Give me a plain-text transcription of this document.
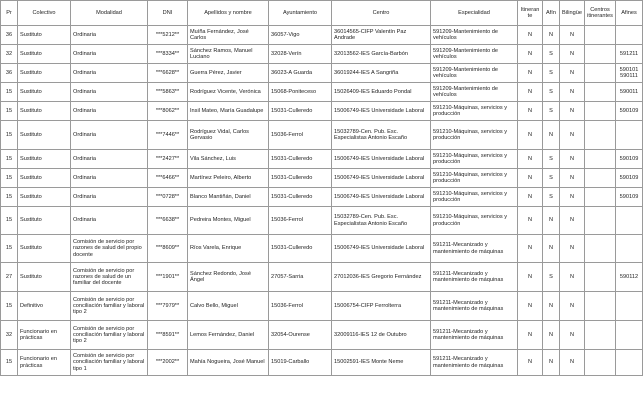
Pr	Colectivo	Modalidad	DNI	Apellidos y nombre	Ayuntamiento	Centro	Especialidad	Itinerante	Afín	Bilingüe	Centros itinerantes	Afines
36	Sustituto	Ordinaria	***5212**	Muíña Fernández, José Carlos	36057-Vigo	36014565-CIFP Valentín Paz Andrade	591209-Mantenimiento de vehículos	N	N	N		
32	Sustituto	Ordinaria	***8334**	Sánchez Ramos, Manuel Luciano	32028-Verín	32013562-IES García-Barbón	591209-Mantenimiento de vehículos	N	S	N		591211
36	Sustituto	Ordinaria	***6628**	Guerra Pérez, Javier	36023-A Guarda	36019244-IES A Sangriña	591209-Mantenimiento de vehículos	N	S	N		590101 590111
15	Sustituto	Ordinaria	***5863**	Rodríguez Vicente, Verónica	15068-Poniteceso	15026409-IES Eduardo Pondal	591209-Mantenimiento de vehículos	N	S	N		590011
15	Sustituto	Ordinaria	***8062**	Insil Mateo, María Guadalupe	15031-Culleredo	15006749-IES Universidade Laboral	591210-Máquinas, servicios y producción	N	S	N		590109
15	Sustituto	Ordinaria	***7446**	Rodríguez Vidal, Carlos Gervasio	15036-Ferrol	15032789-Cen. Pub. Esc. Especialistas Antonio Escaño	591210-Máquinas, servicios y producción	N	N	N		
15	Sustituto	Ordinaria	***2427**	Vila Sánchez, Luis	15031-Culleredo	15006749-IES Universidade Laboral	591210-Máquinas, servicios y producción	N	S	N		590109
15	Sustituto	Ordinaria	***6466**	Martínez Peleiro, Alberto	15031-Culleredo	15006749-IES Universidade Laboral	591210-Máquinas, servicios y producción	N	S	N		590109
15	Sustituto	Ordinaria	***0728**	Blanco Mantiñán, Daniel	15031-Culleredo	15006749-IES Universidade Laboral	591210-Máquinas, servicios y producción	N	S	N		590109
15	Sustituto	Ordinaria	***6638**	Pedreira Montes, Miguel	15036-Ferrol	15032789-Cen. Pub. Esc. Especialistas Antonio Escaño	591210-Máquinas, servicios y producción	N	N	N		
15	Sustituto	Comisión de servicio por razones de salud del propio docente	***8609**	Ríos Varela, Enrique	15031-Culleredo	15006749-IES Universidade Laboral	591211-Mecanizado y mantenimiento de máquinas	N	N	N		
27	Sustituto	Comisión de servicio por razones de salud de un familiar del docente	***1901**	Sánchez Redondo, José Ángel	27057-Sarria	27012036-IES Gregorio Fernández	591211-Mecanizado y mantenimiento de máquinas	N	S	N		590112
15	Definitivo	Comisión de servicio por conciliación familiar y laboral tipo 2	***7979**	Calvo Bello, Miguel	15036-Ferrol	15006754-CIFP Ferrolterra	591211-Mecanizado y mantenimiento de máquinas	N	N	N		
32	Funcionario en prácticas	Comisión de servicio por conciliación familiar y laboral tipo 2	***8591**	Lemos Fernández, Daniel	32054-Ourense	32009116-IES 12 de Outubro	591211-Mecanizado y mantenimiento de máquinas	N	N	N		
15	Funcionario en prácticas	Comisión de servicio por conciliación familiar y laboral tipo 1	***2002**	Mahía Nogueira, José Manuel	15019-Carballo	15002591-IES Monte Neme	591211-Mecanizado y mantenimiento de máquinas	N	N	N		
